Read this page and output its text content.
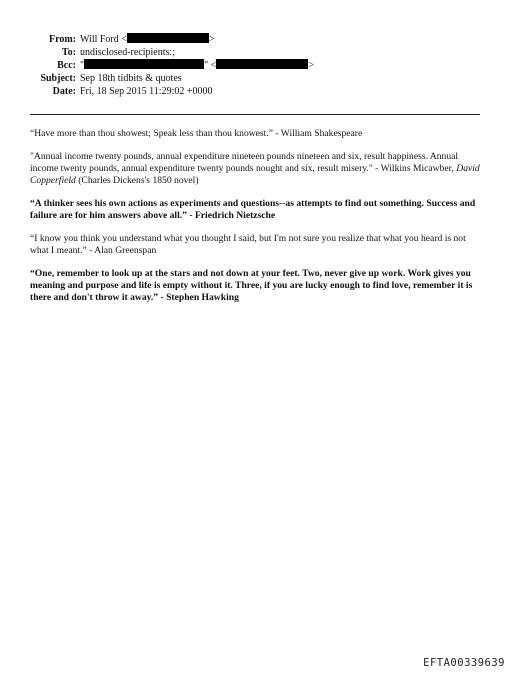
From: Will Ford <	>
To: undisclosed-recipients:;
Bcc: "	" <	>
Subject: Sep 18th tidbits & quotes
Date: Fri, 18 Sep 2015 11:29:02 +0000

“Have more than thou showest; Speak less than thou knowest.” - William Shakespeare

"Annual income twenty pounds, annual expenditure nineteen pounds nineteen and six, result happiness. Annual income twenty pounds, annual expenditure twenty pounds nought and six, result misery." - Wilkins Micawber, David Copperfield (Charles Dickens's 1850 novel)

“A thinker sees his own actions as experiments and questions--as attempts to find out something. Success and failure are for him answers above all.” - Friedrich Nietzsche

“I know you think you understand what you thought I said, but I'm not sure you realize that what you heard is not what I meant.” - Alan Greenspan

“One, remember to look up at the stars and not down at your feet. Two, never give up work. Work gives you meaning and purpose and life is empty without it. Three, if you are lucky enough to find love, remember it is there and don't throw it away.” - Stephen Hawking

EFTA00339639
